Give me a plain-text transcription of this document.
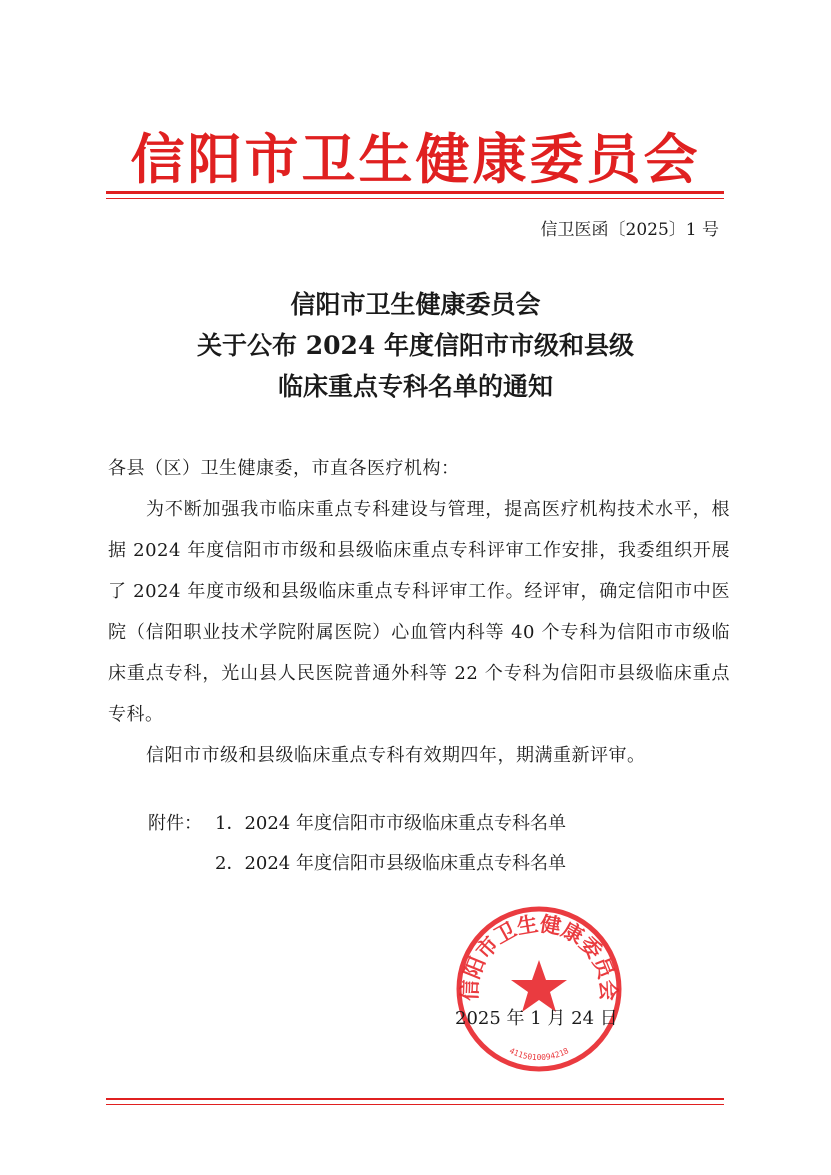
信阳市卫生健康委员会
信卫医函〔2025〕1 号
信阳市卫生健康委员会
关于公布 2024 年度信阳市市级和县级
临床重点专科名单的通知

各县（区）卫生健康委，市直各医疗机构：

为不断加强我市临床重点专科建设与管理，提高医疗机构技术水平，根据 2024 年度信阳市市级和县级临床重点专科评审工作安排，我委组织开展了 2024 年度市级和县级临床重点专科评审工作。经评审，确定信阳市中医院（信阳职业技术学院附属医院）心血管内科等 40 个专科为信阳市市级临床重点专科，光山县人民医院普通外科等 22 个专科为信阳市县级临床重点专科。

信阳市市级和县级临床重点专科有效期四年，期满重新评审。

附件： 1．2024 年度信阳市市级临床重点专科名单
2．2024 年度信阳市县级临床重点专科名单
信阳市卫生健康委员会
4115010094218
2025 年 1 月 24 日
